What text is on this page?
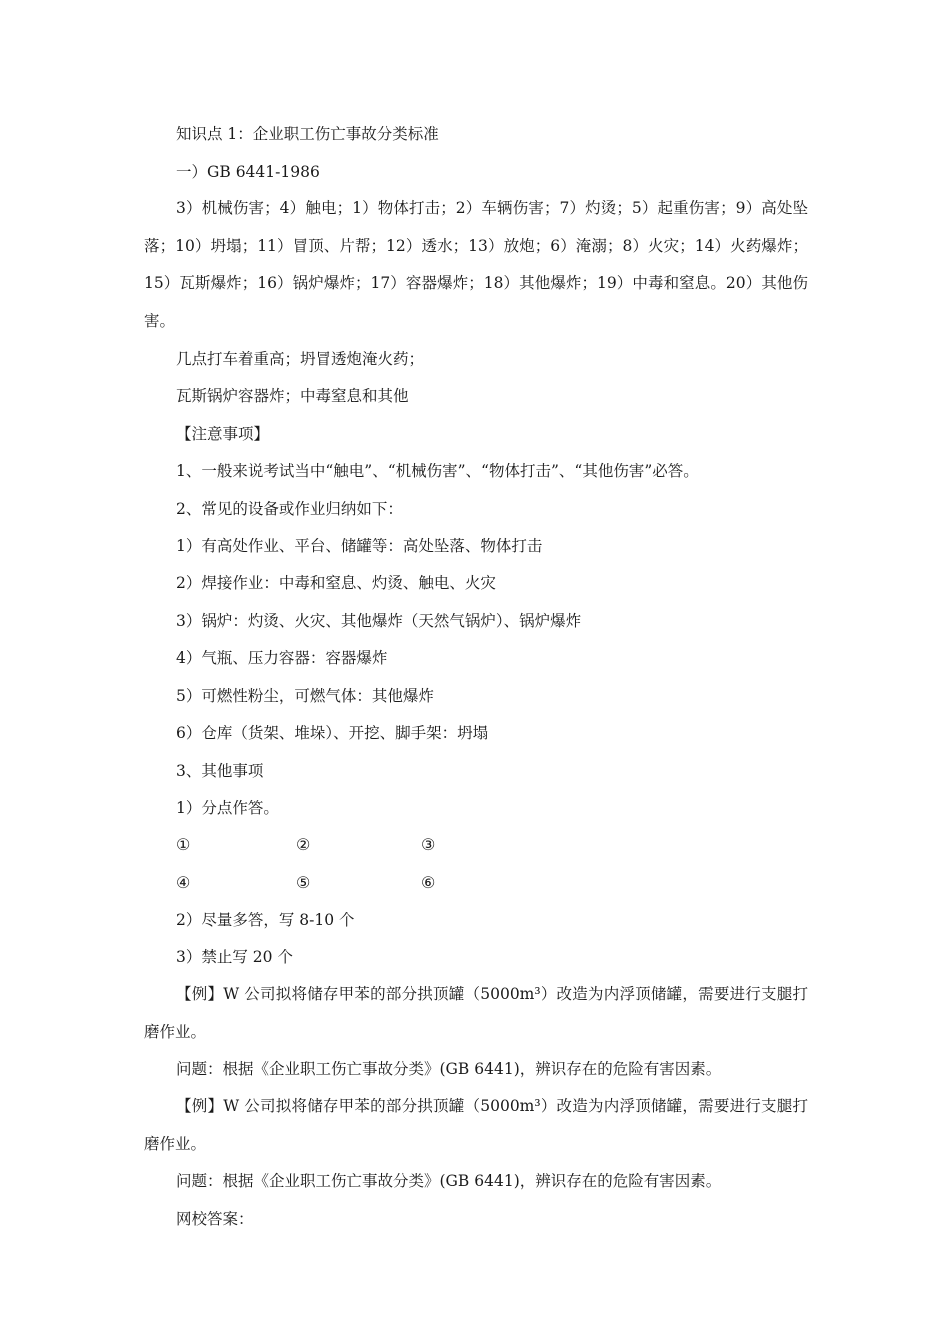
知识点 1：企业职工伤亡事故分类标准
一）GB 6441-1986

3）机械伤害；4）触电；1）物体打击；2）车辆伤害；7）灼烫；5）起重伤害；9）高处坠落；10）坍塌；11）冒顶、片帮；12）透水；13）放炮；6）淹溺；8）火灾；14）火药爆炸；15）瓦斯爆炸；16）锅炉爆炸；17）容器爆炸；18）其他爆炸；19）中毒和窒息。20）其他伤害。

几点打车着重高；坍冒透炮淹火药；
瓦斯锅炉容器炸；中毒窒息和其他
【注意事项】
1、一般来说考试当中“触电”、“机械伤害”、“物体打击”、“其他伤害”必答。
2、常见的设备或作业归纳如下：
1）有高处作业、平台、储罐等：高处坠落、物体打击
2）焊接作业：中毒和窒息、灼烫、触电、火灾
3）锅炉：灼烫、火灾、其他爆炸（天然气锅炉）、锅炉爆炸
4）气瓶、压力容器：容器爆炸
5）可燃性粉尘，可燃气体：其他爆炸
6）仓库（货架、堆垛）、开挖、脚手架：坍塌
3、其他事项
1）分点作答。
①	②	③
④	⑤	⑥
2）尽量多答，写 8-10 个
3）禁止写 20 个

【例】W 公司拟将储存甲苯的部分拱顶罐（5000m³）改造为内浮顶储罐，需要进行支腿打磨作业。

问题：根据《企业职工伤亡事故分类》(GB 6441)，辨识存在的危险有害因素。

【例】W 公司拟将储存甲苯的部分拱顶罐（5000m³）改造为内浮顶储罐，需要进行支腿打磨作业。

问题：根据《企业职工伤亡事故分类》(GB 6441)，辨识存在的危险有害因素。
网校答案：
